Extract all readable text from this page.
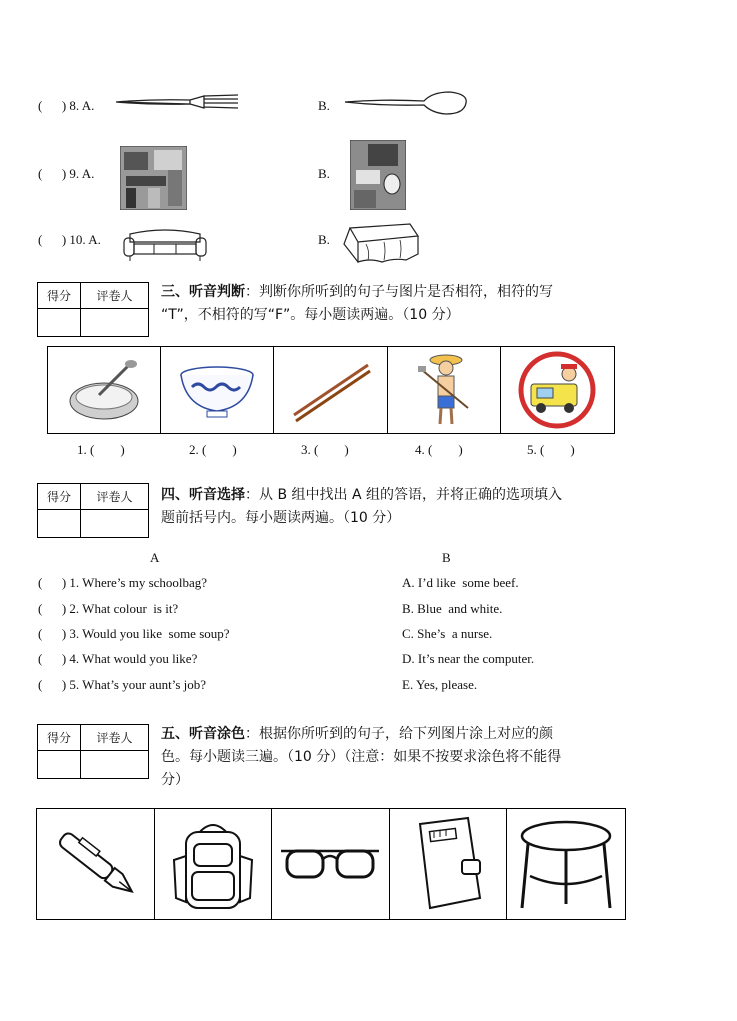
(      ) 8. A.	B.
(      ) 9. A.	B.
(      ) 10. A.	B.
得分	评卷人
	三、听音判断：判断你所听到的句子与图片是否相符，相符的写
“T”，不相符的写“F”。每小题读两遍。（10 分）
1. (        )	2. (        )	3. (        )	4. (        )	5. (        )
得分	评卷人
	四、听音选择：从 B 组中找出 A 组的答语，并将正确的选项填入
题前括号内。每小题读两遍。（10 分）
A	B
(      ) 1. Where’s my schoolbag?	A. I’d like  some beef.
(      ) 2. What colour  is it?	B. Blue  and white.
(      ) 3. Would you like  some soup?	C. She’s  a nurse.
(      ) 4. What would you like?	D. It’s near the computer.
(      ) 5. What’s your aunt’s job?	E. Yes, please.
得分	评卷人
	五、听音涂色：根据你所听到的句子，给下列图片涂上对应的颜
色。每小题读三遍。（10 分）（注意：如果不按要求涂色将不能得
分）
